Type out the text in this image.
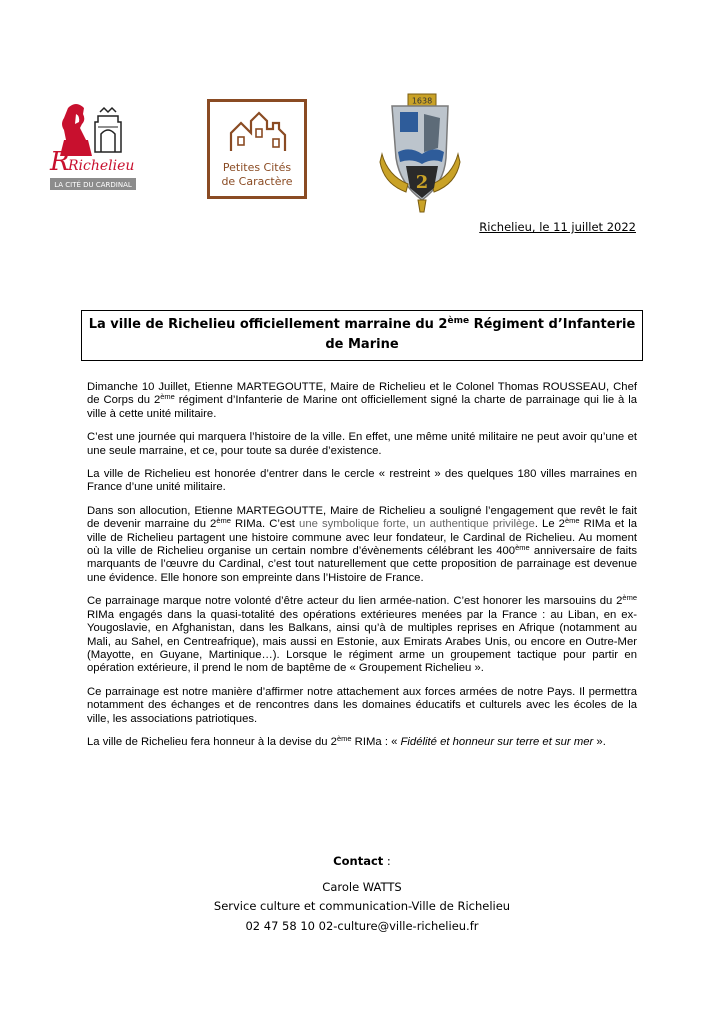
R
Richelieu
LA CITÉ DU CARDINAL
Petites Cités
de Caractère
1638
2
Richelieu, le 11 juillet 2022
La ville de Richelieu officiellement marraine du 2ème Régiment d’Infanterie de Marine

Dimanche 10 Juillet, Etienne MARTEGOUTTE, Maire de Richelieu et le Colonel Thomas ROUSSEAU, Chef de Corps du 2ème régiment d’Infanterie de Marine ont officiellement signé la charte de parrainage qui lie à la ville à cette unité militaire.

C’est une journée qui marquera l’histoire de la ville. En effet, une même unité militaire ne peut avoir qu’une et une seule marraine, et ce, pour toute sa durée d’existence.

La ville de Richelieu est honorée d’entrer dans le cercle « restreint » des quelques 180 villes marraines en France d’une unité militaire.

Dans son allocution, Etienne MARTEGOUTTE, Maire de Richelieu a souligné l’engagement que revêt le fait de devenir marraine du 2ème RIMa. C’est une symbolique forte, un authentique privilège. Le 2ème RIMa et la ville de Richelieu partagent une histoire commune avec leur fondateur, le Cardinal de Richelieu. Au moment où la ville de Richelieu organise un certain nombre d’évènements célébrant les 400ème anniversaire de faits marquants de l’œuvre du Cardinal, c’est tout naturellement que cette proposition de parrainage est devenue une évidence. Elle honore son empreinte dans l’Histoire de France.

Ce parrainage marque notre volonté d’être acteur du lien armée-nation. C’est honorer les marsouins du 2ème RIMa engagés dans la quasi-totalité des opérations extérieures menées par la France : au Liban, en ex-Yougoslavie, en Afghanistan, dans les Balkans, ainsi qu’à de multiples reprises en Afrique (notamment au Mali, au Sahel, en Centreafrique), mais aussi en Estonie, aux Emirats Arabes Unis, ou encore en Outre-Mer (Mayotte, en Guyane, Martinique…). Lorsque le régiment arme un groupement tactique pour partir en opération extérieure, il prend le nom de baptême de « Groupement Richelieu ».

Ce parrainage est notre manière d’affirmer notre attachement aux forces armées de notre Pays. Il permettra notamment des échanges et de rencontres dans les domaines éducatifs et culturels avec les écoles de la ville, les associations patriotiques.

La ville de Richelieu fera honneur à la devise du 2ème RIMa : « Fidélité et honneur sur terre et sur mer ».

Contact :
Carole WATTS
Service culture et communication-Ville de Richelieu
02 47 58 10 02-culture@ville-richelieu.fr
